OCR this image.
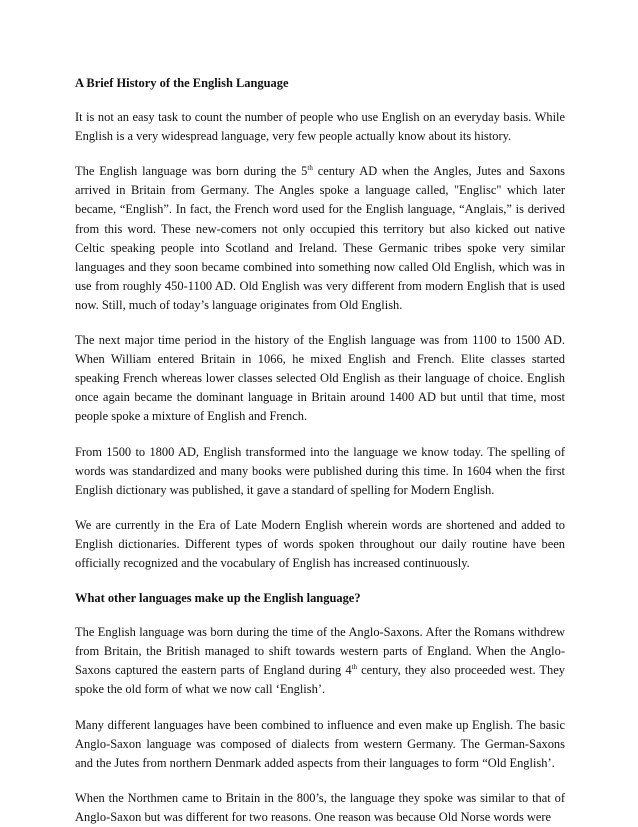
A Brief History of the English Language

It is not an easy task to count the number of people who use English on an everyday basis. While English is a very widespread language, very few people actually know about its history.

The English language was born during the 5th century AD when the Angles, Jutes and Saxons arrived in Britain from Germany. The Angles spoke a language called, "Englisc" which later became, “English”. In fact, the French word used for the English language, “Anglais,” is derived from this word. These new-comers not only occupied this territory but also kicked out native Celtic speaking people into Scotland and Ireland. These Germanic tribes spoke very similar languages and they soon became combined into something now called Old English, which was in use from roughly 450-1100 AD. Old English was very different from modern English that is used now. Still, much of today’s language originates from Old English.

The next major time period in the history of the English language was from 1100 to 1500 AD. When William entered Britain in 1066, he mixed English and French. Elite classes started speaking French whereas lower classes selected Old English as their language of choice. English once again became the dominant language in Britain around 1400 AD but until that time, most people spoke a mixture of English and French.

From 1500 to 1800 AD, English transformed into the language we know today. The spelling of words was standardized and many books were published during this time. In 1604 when the first English dictionary was published, it gave a standard of spelling for Modern English.

We are currently in the Era of Late Modern English wherein words are shortened and added to English dictionaries. Different types of words spoken throughout our daily routine have been officially recognized and the vocabulary of English has increased continuously.

What other languages make up the English language?

The English language was born during the time of the Anglo-Saxons. After the Romans withdrew from Britain, the British managed to shift towards western parts of England. When the Anglo-Saxons captured the eastern parts of England during 4th century, they also proceeded west. They spoke the old form of what we now call ‘English’.

Many different languages have been combined to influence and even make up English. The basic Anglo-Saxon language was composed of dialects from western Germany. The German-Saxons and the Jutes from northern Denmark added aspects from their languages to form “Old English’.

When the Northmen came to Britain in the 800’s, the language they spoke was similar to that of Anglo-Saxon but was different for two reasons. One reason was because Old Norse words were
